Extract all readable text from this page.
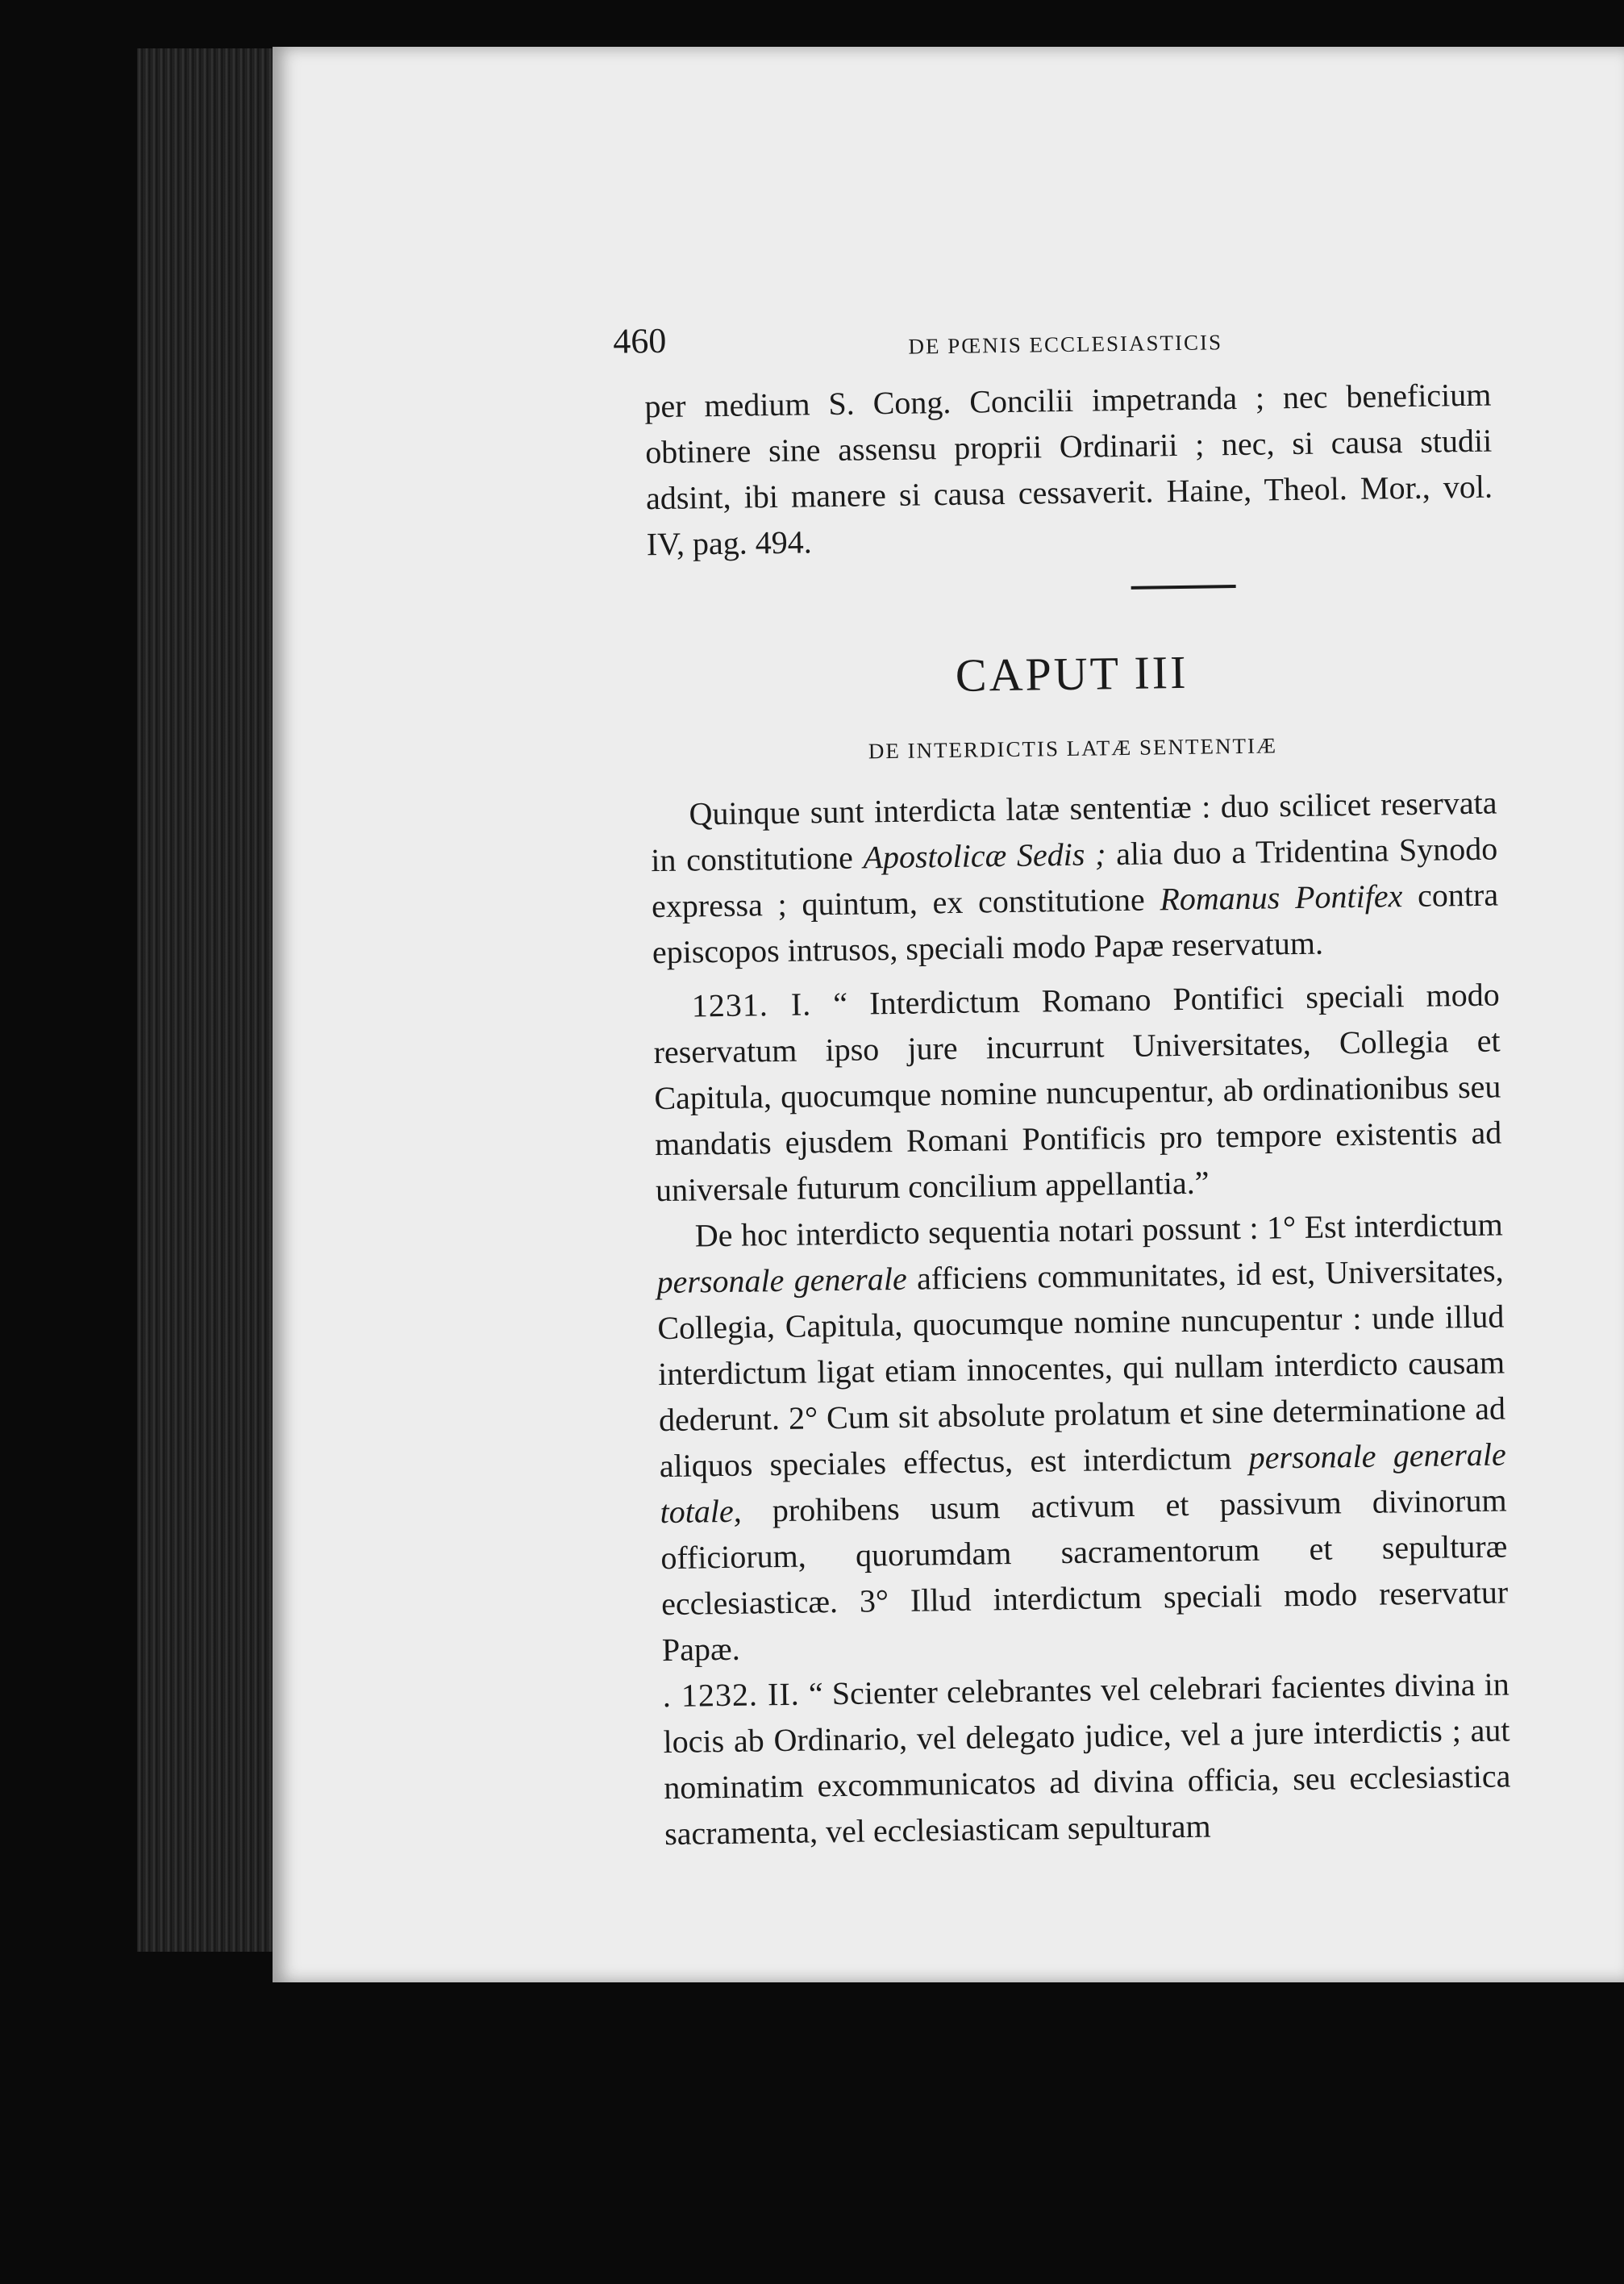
460	DE PŒNIS ECCLESIASTICIS

per medium S. Cong. Concilii impetranda ; nec beneficium obtinere sine assensu proprii Ordinarii ; nec, si causa studii adsint, ibi manere si causa cessaverit. Haine, Theol. Mor., vol. IV, pag. 494.

CAPUT III
DE INTERDICTIS LATÆ SENTENTIÆ

Quinque sunt interdicta latæ sententiæ : duo scilicet reservata in constitutione Apostolicæ Sedis ; alia duo a Tridentina Synodo expressa ; quintum, ex constitutione Romanus Pontifex contra episcopos intrusos, speciali modo Papæ reservatum.

1231. I. “ Interdictum Romano Pontifici speciali modo reservatum ipso jure incurrunt Universitates, Collegia et Capitula, quocumque nomine nuncupentur, ab ordinationibus seu mandatis ejusdem Romani Pontificis pro tempore existentis ad universale futurum concilium appellantia.”

De hoc interdicto sequentia notari possunt : 1° Est interdictum personale generale afficiens communitates, id est, Universitates, Collegia, Capitula, quocumque nomine nuncupentur : unde illud interdictum ligat etiam innocentes, qui nullam interdicto causam dederunt. 2° Cum sit absolute prolatum et sine determinatione ad aliquos speciales effectus, est interdictum personale generale totale, prohibens usum activum et passivum divinorum officiorum, quorumdam sacramentorum et sepulturæ ecclesiasticæ. 3° Illud interdictum speciali modo reservatur Papæ.

. 1232. II. “ Scienter celebrantes vel celebrari facientes divina in locis ab Ordinario, vel delegato judice, vel a jure interdictis ; aut nominatim excommunicatos ad divina officia, seu ecclesiastica sacramenta, vel ecclesiasticam sepulturam
